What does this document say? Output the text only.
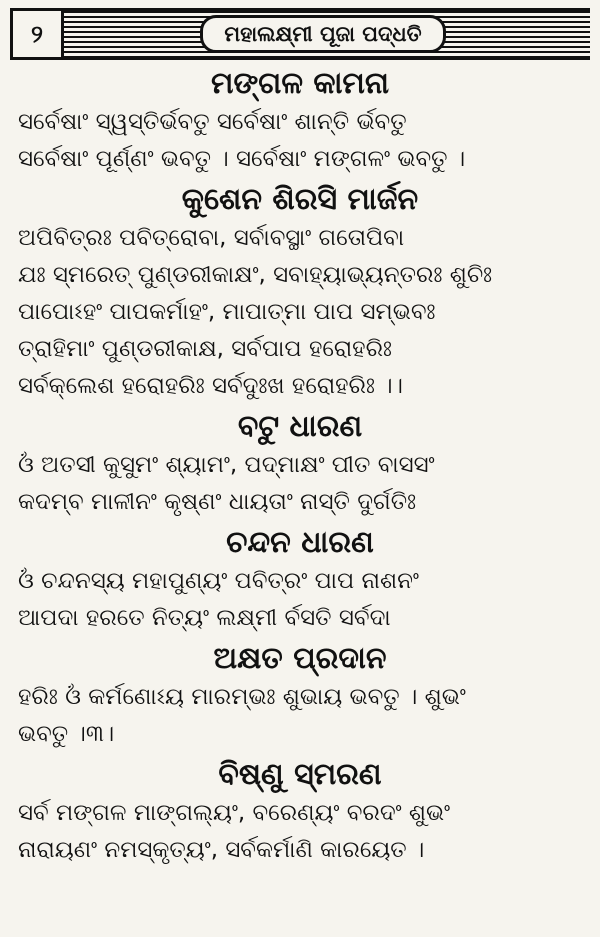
୨	ମହାଲକ୍ଷ୍ମୀ ପୂଜା ପଦ୍ଧତି

ମଙ୍ଗଳ କାମନା

ସର୍ବେଷାଂ ସ୍ୱସ୍ତିର୍ଭବତୁ ସର୍ବେଷାଂ ଶାନ୍ତି ର୍ଭବତୁ

ସର୍ବେଷାଂ ପୂର୍ଣ୍ଣଂ ଭବତୁ । ସର୍ବେଷାଂ ମଙ୍ଗଳଂ ଭବତୁ ।

କୁଶେନ ଶିରସି ମାର୍ଜନ

ଅପିବିତ୍ରଃ ପବିତ୍ରୋବା, ସର୍ବାବସ୍ଥାଂ ଗତୋପିବା

ଯଃ ସ୍ମରେତ୍ ପୁଣ୍ଡରୀକାକ୍ଷଂ, ସବାହ୍ୟାଭ୍ୟନ୍ତରଃ ଶୁଚିଃ

ପାପୋଽହଂ ପାପକର୍ମାହଂ, ମାପାତ୍ମା ପାପ ସମ୍ଭବଃ

ତ୍ରାହିମାଂ ପୁଣ୍ଡରୀକାକ୍ଷ, ସର୍ବପାପ ହରୋହରିଃ

ସର୍ବକ୍ଲେଶ ହରୋହରିଃ ସର୍ବଦୁଃଖ ହରୋହରିଃ ।।

ବଟୁ ଧାରଣ

ଓଁ ଅତସୀ କୁସୁମଂ ଶ୍ୟାମଂ, ପଦ୍ମାକ୍ଷଂ ପୀତ ବାସସଂ

କଦମ୍ବ ମାଳୀନଂ କୃଷ୍ଣଂ ଧାୟତାଂ ନାସ୍ତି ଦୁର୍ଗତିଃ

ଚନ୍ଦନ ଧାରଣ

ଓଁ ଚନ୍ଦନସ୍ୟ ମହାପୁଣ୍ୟଂ ପବିତ୍ରଂ ପାପ ନାଶନଂ

ଆପଦା ହରତେ ନିତ୍ୟଂ ଲକ୍ଷ୍ମୀ ର୍ବସତି ସର୍ବଦା

ଅକ୍ଷତ ପ୍ରଦାନ

ହରିଃ ଓଁ କର୍ମଣୋଽୟ ମାରମ୍ଭଃ ଶୁଭାୟ ଭବତୁ । ଶୁଭଂ

ଭବତୁ ।୩।

ବିଷ୍ଣୁ ସ୍ମରଣ

ସର୍ବ ମଙ୍ଗଳ ମାଙ୍ଗଲ୍ୟଂ, ବରେଣ୍ୟଂ ବରଦଂ ଶୁଭଂ

ନାରାୟଣଂ ନମସ୍କୃତ୍ୟଂ, ସର୍ବକର୍ମାଣି କାରୟେତ ।
